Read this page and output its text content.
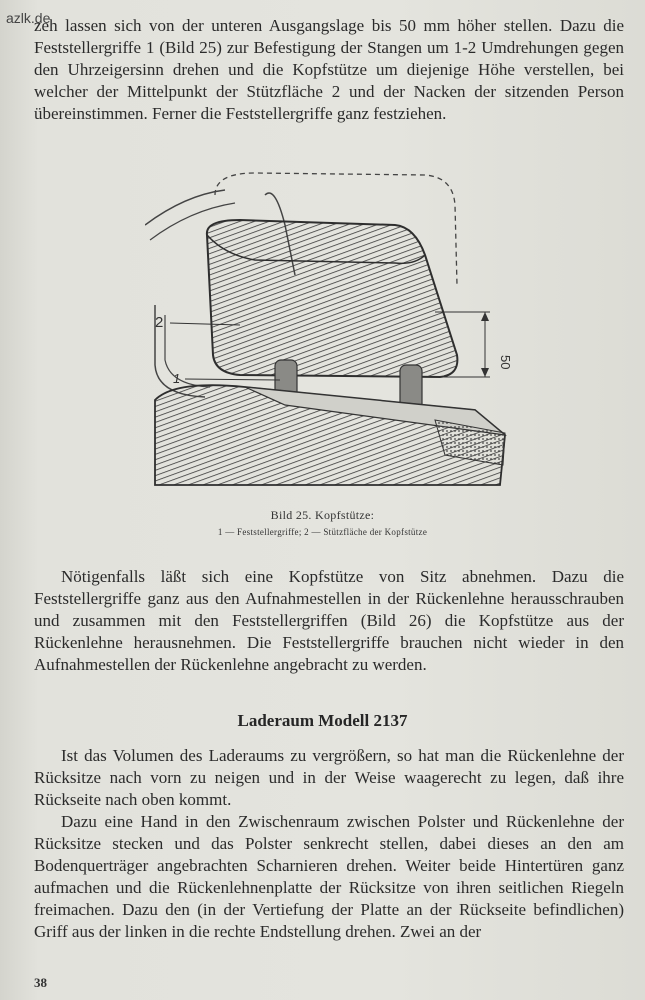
azlk.de

zeh lassen sich von der unteren Ausgangslage bis 50 mm höher stellen. Dazu die Feststellergriffe 1 (Bild 25) zur Befestigung der Stangen um 1-2 Umdrehungen gegen den Uhrzeigersinn drehen und die Kopfstütze um diejenige Höhe verstellen, bei welcher der Mittelpunkt der Stützfläche 2 und der Nacken der sitzenden Person übereinstimmen. Ferner die Feststellergriffe ganz festziehen.

2
1
50
Bild 25. Kopfstütze:
1 — Feststellergriffe; 2 — Stützfläche der Kopfstütze

Nötigenfalls läßt sich eine Kopfstütze von Sitz abnehmen. Dazu die Feststellergriffe ganz aus den Aufnahmestellen in der Rückenlehne herausschrauben und zusammen mit den Feststellergriffen (Bild 26) die Kopfstütze aus der Rückenlehne herausnehmen. Die Feststellergriffe brauchen nicht wieder in den Aufnahmestellen der Rückenlehne angebracht zu werden.

Laderaum Modell 2137

Ist das Volumen des Laderaums zu vergrößern, so hat man die Rückenlehne der Rücksitze nach vorn zu neigen und in der Weise waagerecht zu legen, daß ihre Rückseite nach oben kommt.

Dazu eine Hand in den Zwischenraum zwischen Polster und Rückenlehne der Rücksitze stecken und das Polster senkrecht stellen, dabei dieses an den am Bodenquerträger angebrachten Scharnieren drehen. Weiter beide Hintertüren ganz aufmachen und die Rückenlehnenplatte der Rücksitze von ihren seitlichen Riegeln freimachen. Dazu den (in der Vertiefung der Platte an der Rückseite befindlichen) Griff aus der linken in die rechte Endstellung drehen. Zwei an der

38
